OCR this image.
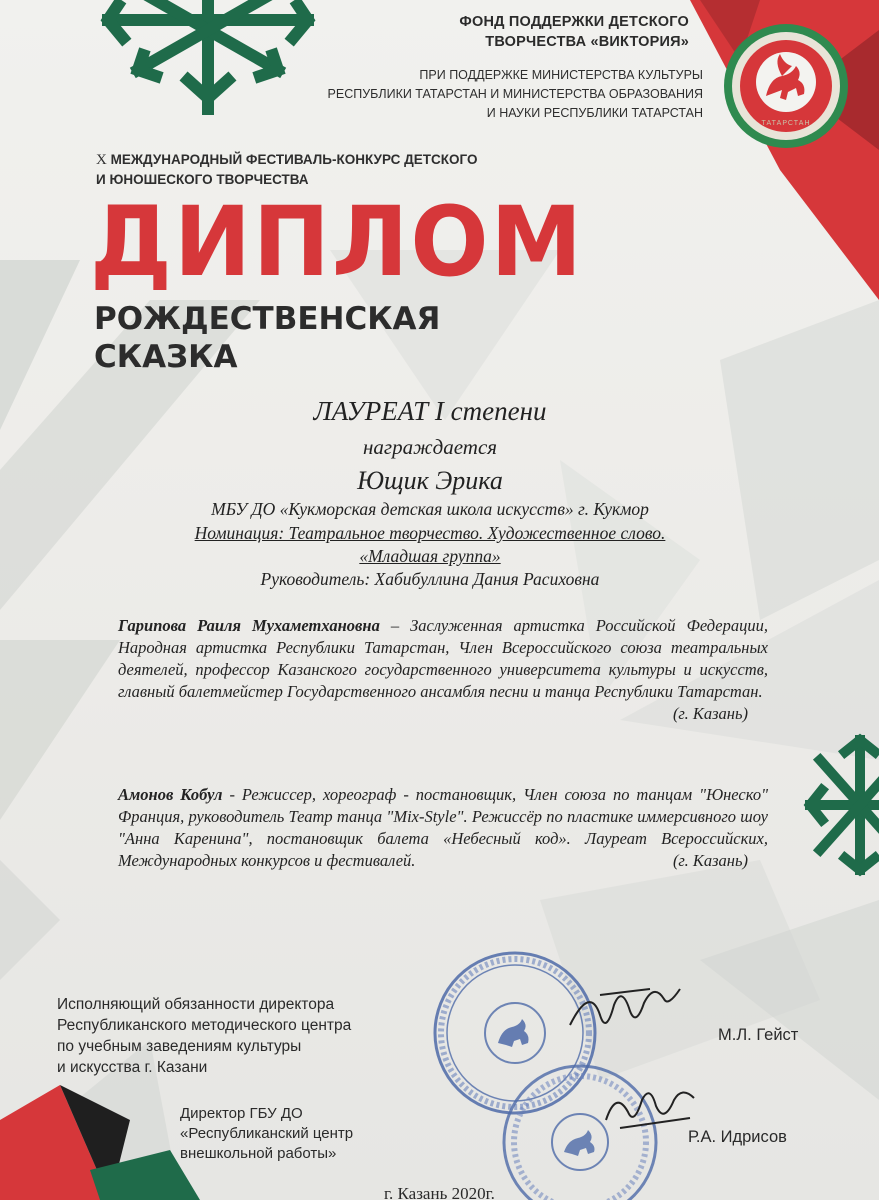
ТАТАРСТАН
ФОНД ПОДДЕРЖКИ ДЕТСКОГО
ТВОРЧЕСТВА «ВИКТОРИЯ»
ПРИ ПОДДЕРЖКЕ МИНИСТЕРСТВА КУЛЬТУРЫ
РЕСПУБЛИКИ ТАТАРСТАН И МИНИСТЕРСТВА ОБРАЗОВАНИЯ
И НАУКИ РЕСПУБЛИКИ ТАТАРСТАН
X МЕЖДУНАРОДНЫЙ ФЕСТИВАЛЬ-КОНКУРС ДЕТСКОГО
И ЮНОШЕСКОГО ТВОРЧЕСТВА
ДИПЛОМ
РОЖДЕСТВЕНСКАЯ
СКАЗКА
ЛАУРЕАТ I степени
награждается
Ющик Эрика
МБУ ДО «Кукморская детская школа искусств» г. Кукмор
Номинация: Театральное творчество. Художественное слово.
«Младшая группа»
Руководитель: Хабибуллина Дания Расиховна
Гарипова Раиля Мухаметхановна – Заслуженная артистка Российской Федерации, Народная артистка Республики Татарстан, Член Всероссийского союза театральных деятелей, профессор Казанского государственного университета культуры и искусств, главный балетмейстер Государственного ансамбля песни и танца Республики Татарстан.
(г. Казань)
Амонов Кобул - Режиссер, хореограф - постановщик, Член союза по танцам "Юнеско" Франция, руководитель Театр танца "Mix-Style". Режиссёр по пластике иммерсивного шоу "Анна Каренина", постановщик балета «Небесный код». Лауреат Всероссийских, Международных конкурсов и фестивалей.	(г. Казань)
Исполняющий обязанности директора
Республиканского методического центра
по учебным заведениям культуры
и искусства г. Казани
Директор ГБУ ДО
«Республиканский центр
внешкольной работы»
М.Л. Гейст
Р.А. Идрисов
г. Казань 2020г.
